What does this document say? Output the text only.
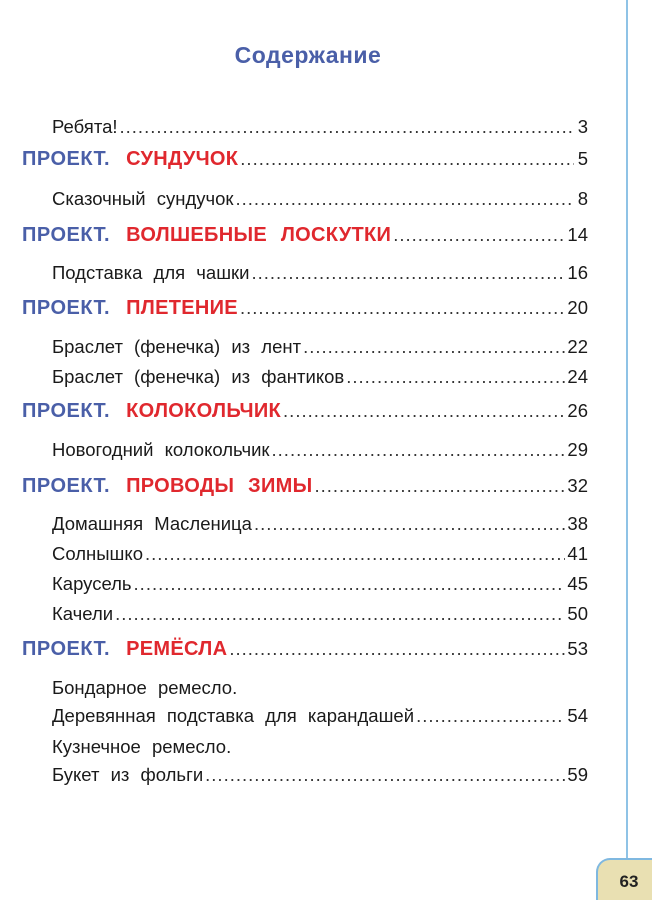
Содержание
Ребята! .....	3
ПРОЕКТ. СУНДУЧОК .....	5
Сказочный сундучок .....	8
ПРОЕКТ. ВОЛШЕБНЫЕ ЛОСКУТКИ .....	14
Подставка для чашки .....	16
ПРОЕКТ. ПЛЕТЕНИЕ .....	20
Браслет (фенечка) из лент .....	22
Браслет (фенечка) из фантиков .....	24
ПРОЕКТ. КОЛОКОЛЬЧИК .....	26
Новогодний колокольчик .....	29
ПРОЕКТ. ПРОВОДЫ ЗИМЫ .....	32
Домашняя Масленица .....	38
Солнышко .....	41
Карусель .....	45
Качели .....	50
ПРОЕКТ. РЕМЁСЛА .....	53
Бондарное ремесло.
Деревянная подставка для карандашей .....	54
Кузнечное ремесло.
Букет из фольги .....	59
63
